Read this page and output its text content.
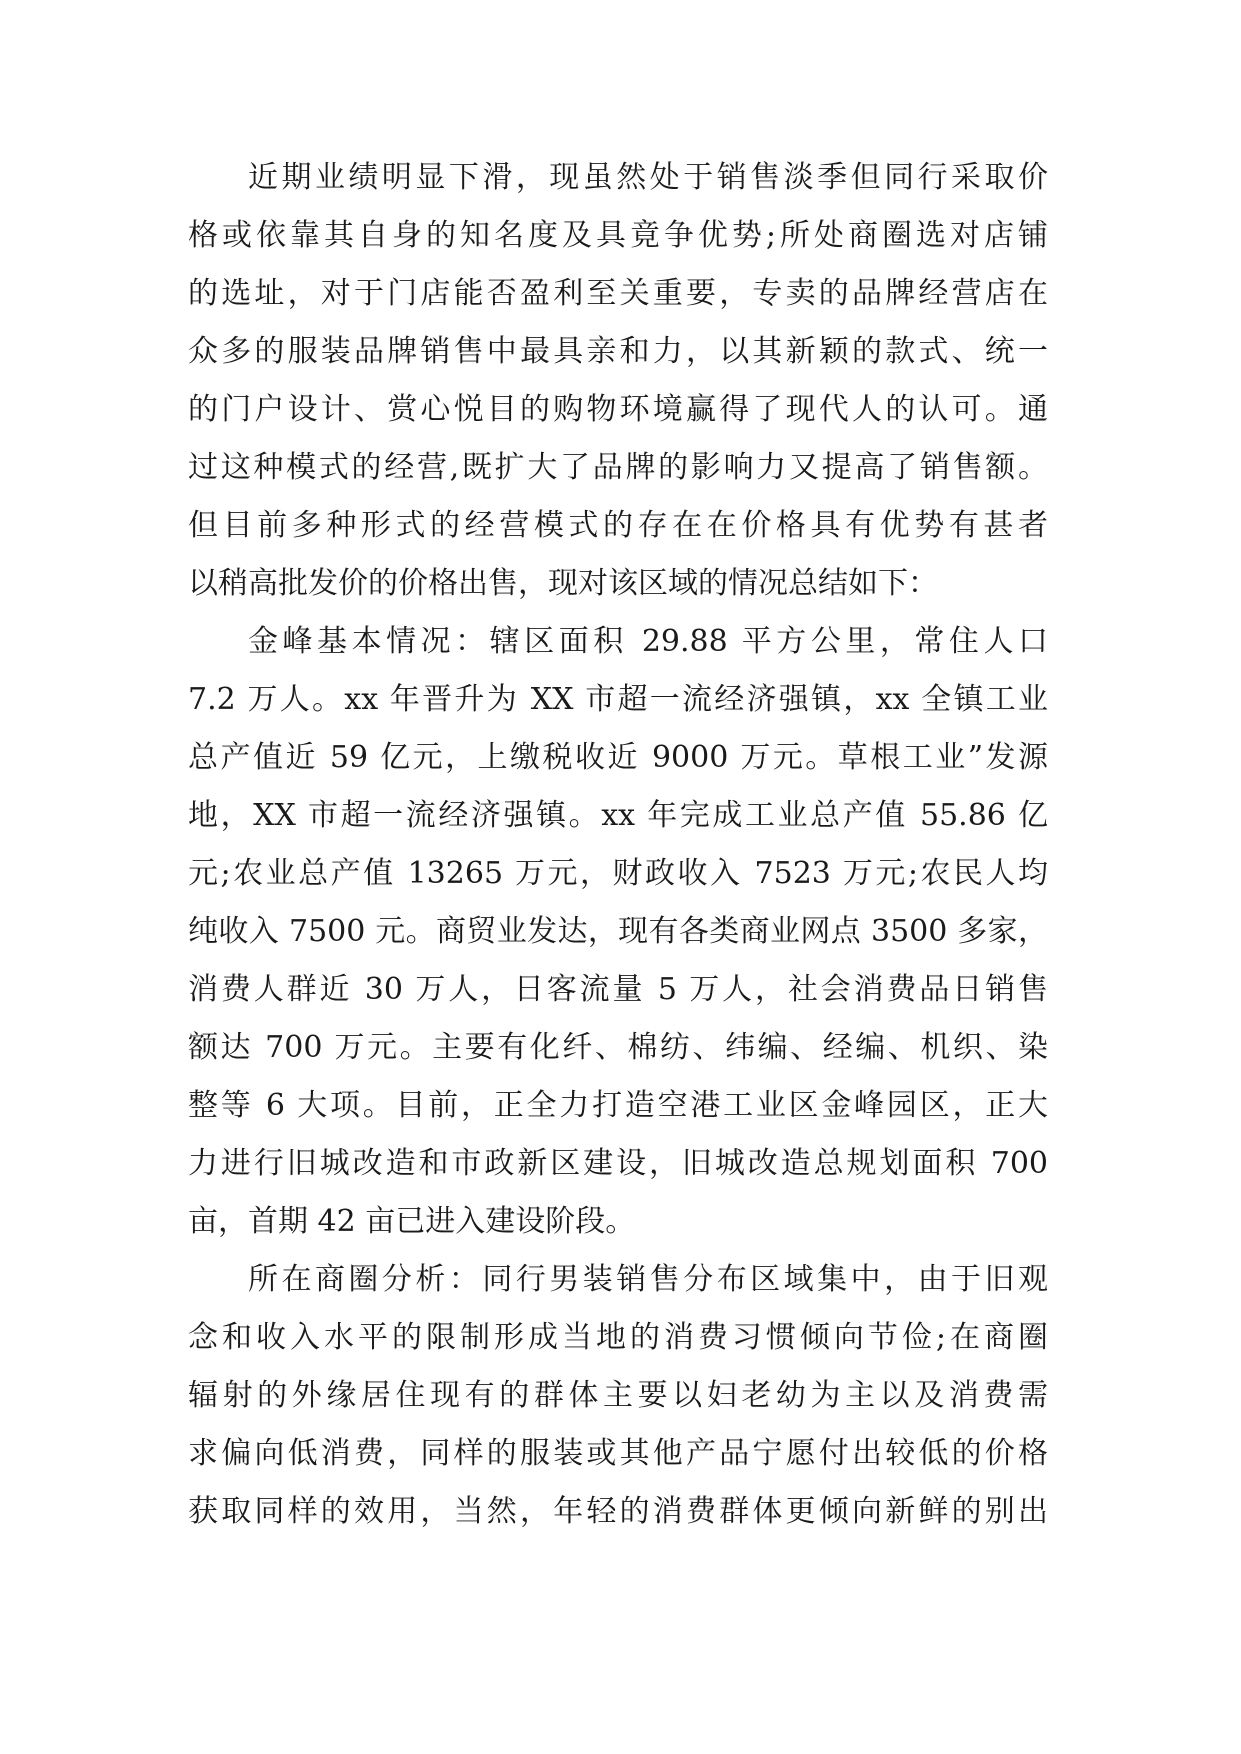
近期业绩明显下滑，现虽然处于销售淡季但同行采取价
格或依靠其自身的知名度及具竟争优势;所处商圈选对店铺
的选址，对于门店能否盈利至关重要，专卖的品牌经营店在
众多的服装品牌销售中最具亲和力，以其新颖的款式、统一
的门户设计、赏心悦目的购物环境赢得了现代人的认可。通
过这种模式的经营,既扩大了品牌的影响力又提高了销售额。
但目前多种形式的经营模式的存在在价格具有优势有甚者
以稍高批发价的价格出售，现对该区域的情况总结如下：
金峰基本情况：辖区面积 29.88 平方公里，常住人口
7.2 万人。xx 年晋升为 XX 市超一流经济强镇，xx 全镇工业
总产值近 59 亿元，上缴税收近 9000 万元。草根工业”发源
地，XX 市超一流经济强镇。xx 年完成工业总产值 55.86 亿
元;农业总产值 13265 万元，财政收入 7523 万元;农民人均
纯收入 7500 元。商贸业发达，现有各类商业网点 3500 多家，
消费人群近 30 万人，日客流量 5 万人，社会消费品日销售
额达 700 万元。主要有化纤、棉纺、纬编、经编、机织、染
整等 6 大项。目前，正全力打造空港工业区金峰园区，正大
力进行旧城改造和市政新区建设，旧城改造总规划面积 700
亩，首期 42 亩已进入建设阶段。
所在商圈分析：同行男装销售分布区域集中，由于旧观
念和收入水平的限制形成当地的消费习惯倾向节俭;在商圈
辐射的外缘居住现有的群体主要以妇老幼为主以及消费需
求偏向低消费，同样的服装或其他产品宁愿付出较低的价格
获取同样的效用，当然，年轻的消费群体更倾向新鲜的别出
